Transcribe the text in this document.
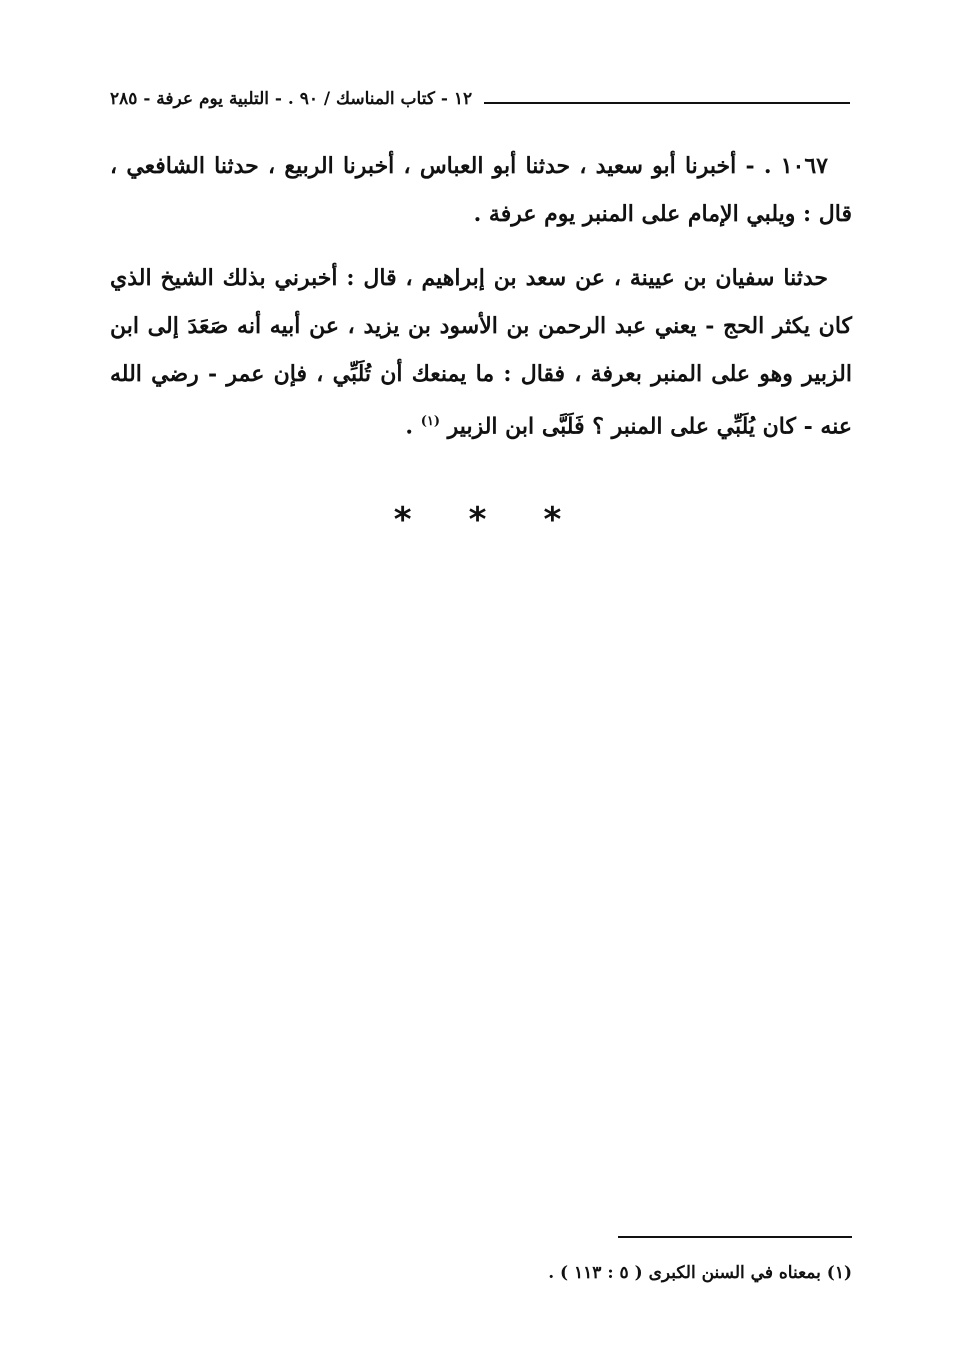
١٢ - كتاب المناسك / ٩٠ . - التلبية يوم عرفة - ٢٨٥

١٠٦٧ . - أخبرنا أبو سعيد ، حدثنا أبو العباس ، أخبرنا الربيع ، حدثنا الشافعي ، قال : ويلبي الإمام على المنبر يوم عرفة .

حدثنا سفيان بن عيينة ، عن سعد بن إبراهيم ، قال : أخبرني بذلك الشيخ الذي كان يكثر الحج - يعني عبد الرحمن بن الأسود بن يزيد ، عن أبيه أنه صَعَدَ إلى ابن الزبير وهو على المنبر بعرفة ، فقال : ما يمنعك أن تُلَبِّي ، فإن عمر - رضي الله عنه - كان يُلَبِّي على المنبر ؟ فَلَبَّى ابن الزبير $^{(١)}$ .

* * *
(١) بمعناه في السنن الكبرى ( ٥ : ١١٣ ) .
